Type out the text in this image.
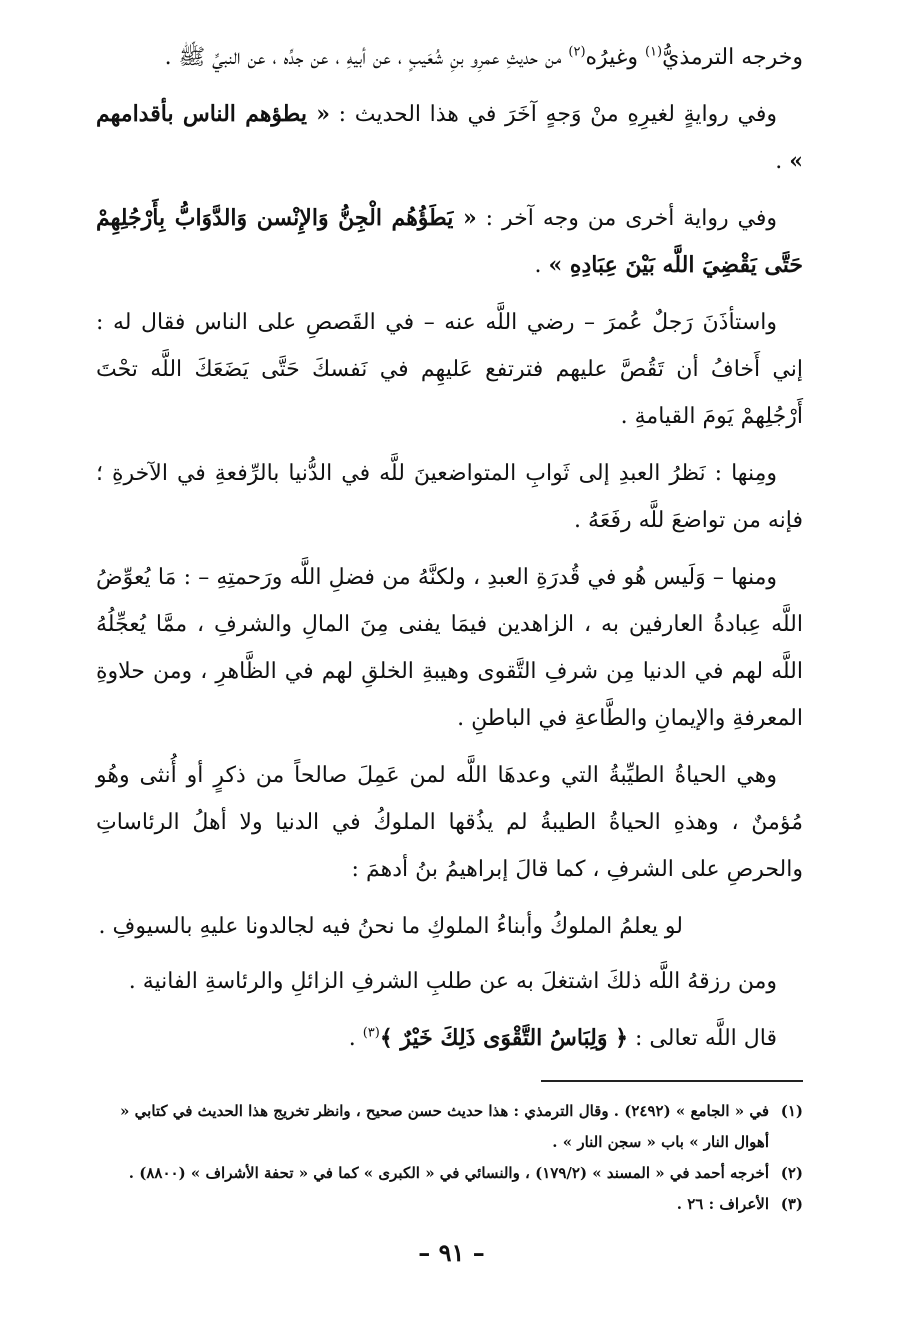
وخرجه الترمذيُّ$^{(١)}$ وغيرُه$^{(٢)}$ من حديثِ عمرِو بنِ شُعَيبٍ ، عن أبيهِ ، عن جدِّه ، عن النبيِّ ﷺ .

وفي روايةٍ لغيرِهِ منْ وَجهٍ آخَرَ في هذا الحديث : « يطؤهم الناس بأقدامهم » .

وفي رواية أخرى من وجه آخر : « يَطَؤُهُم الْجِنُّ وَالإِنْسن وَالدَّوَابُّ بِأَرْجُلِهِمْ حَتَّى يَقْضِيَ اللَّه بَيْنَ عِبَادِهِ » .

واستأذَنَ رَجلٌ عُمرَ – رضي اللَّه عنه – في القَصصِ على الناس فقال له : إني أَخافُ أن تَقُصَّ عليهم فترتفع عَليهِم في نَفسكَ حَتَّى يَضَعَكَ اللَّه تحْتَ أَرْجُلِهمْ يَومَ القيامةِ .

ومِنها : نَظرُ العبدِ إلى ثَوابِ المتواضعينَ للَّه في الدُّنيا بالرِّفعةِ في الآخرةِ ؛ فإنه من تواضعَ للَّه رفَعَهُ .

ومنها – وَلَيس هُو في قُدرَةِ العبدِ ، ولكنَّهُ من فضلِ اللَّه ورَحمتِهِ – : مَا يُعوِّضُ اللَّه عِبادةُ العارفين به ، الزاهدين فيمَا يفنى مِنَ المالِ والشرفِ ، ممَّا يُعجِّلُهُ اللَّه لهم في الدنيا مِن شرفِ التَّقوى وهيبةِ الخلقِ لهم في الظَّاهرِ ، ومن حلاوةِ المعرفةِ والإيمانِ والطَّاعةِ في الباطنِ .

وهي الحياةُ الطيِّبةُ التي وعدهَا اللَّه لمن عَمِلَ صالحاً من ذكرٍ أو أُنثى وهُو مُؤمنٌ ، وهذهِ الحياةُ الطيبةُ لم يذُقها الملوكُ في الدنيا ولا أهلُ الرئاساتِ والحرصِ على الشرفِ ، كما قالَ إبراهيمُ بنُ أدهمَ :

لو يعلمُ الملوكُ وأبناءُ الملوكِ ما نحنُ فيه لجالدونا عليهِ بالسيوفِ .

ومن رزقهُ اللَّه ذلكَ اشتغلَ به عن طلبِ الشرفِ الزائلِ والرئاسةِ الفانية .

قال اللَّه تعالى : ﴿ وَلِبَاسُ التَّقْوَى ذَلِكَ خَيْرٌ ﴾$^{(٣)}$ .

(١)
في « الجامع » (٢٤٩٢) . وقال الترمذي : هذا حديث حسن صحيح ، وانظر تخريج هذا الحديث في كتابي « أهوال النار » باب « سجن النار » .
(٢)
أخرجه أحمد في « المسند » (١٧٩/٢) ، والنسائي في « الكبرى » كما في « تحفة الأشراف » (٨٨٠٠) .
(٣)
الأعراف : ٢٦ .
– ٩١ –
